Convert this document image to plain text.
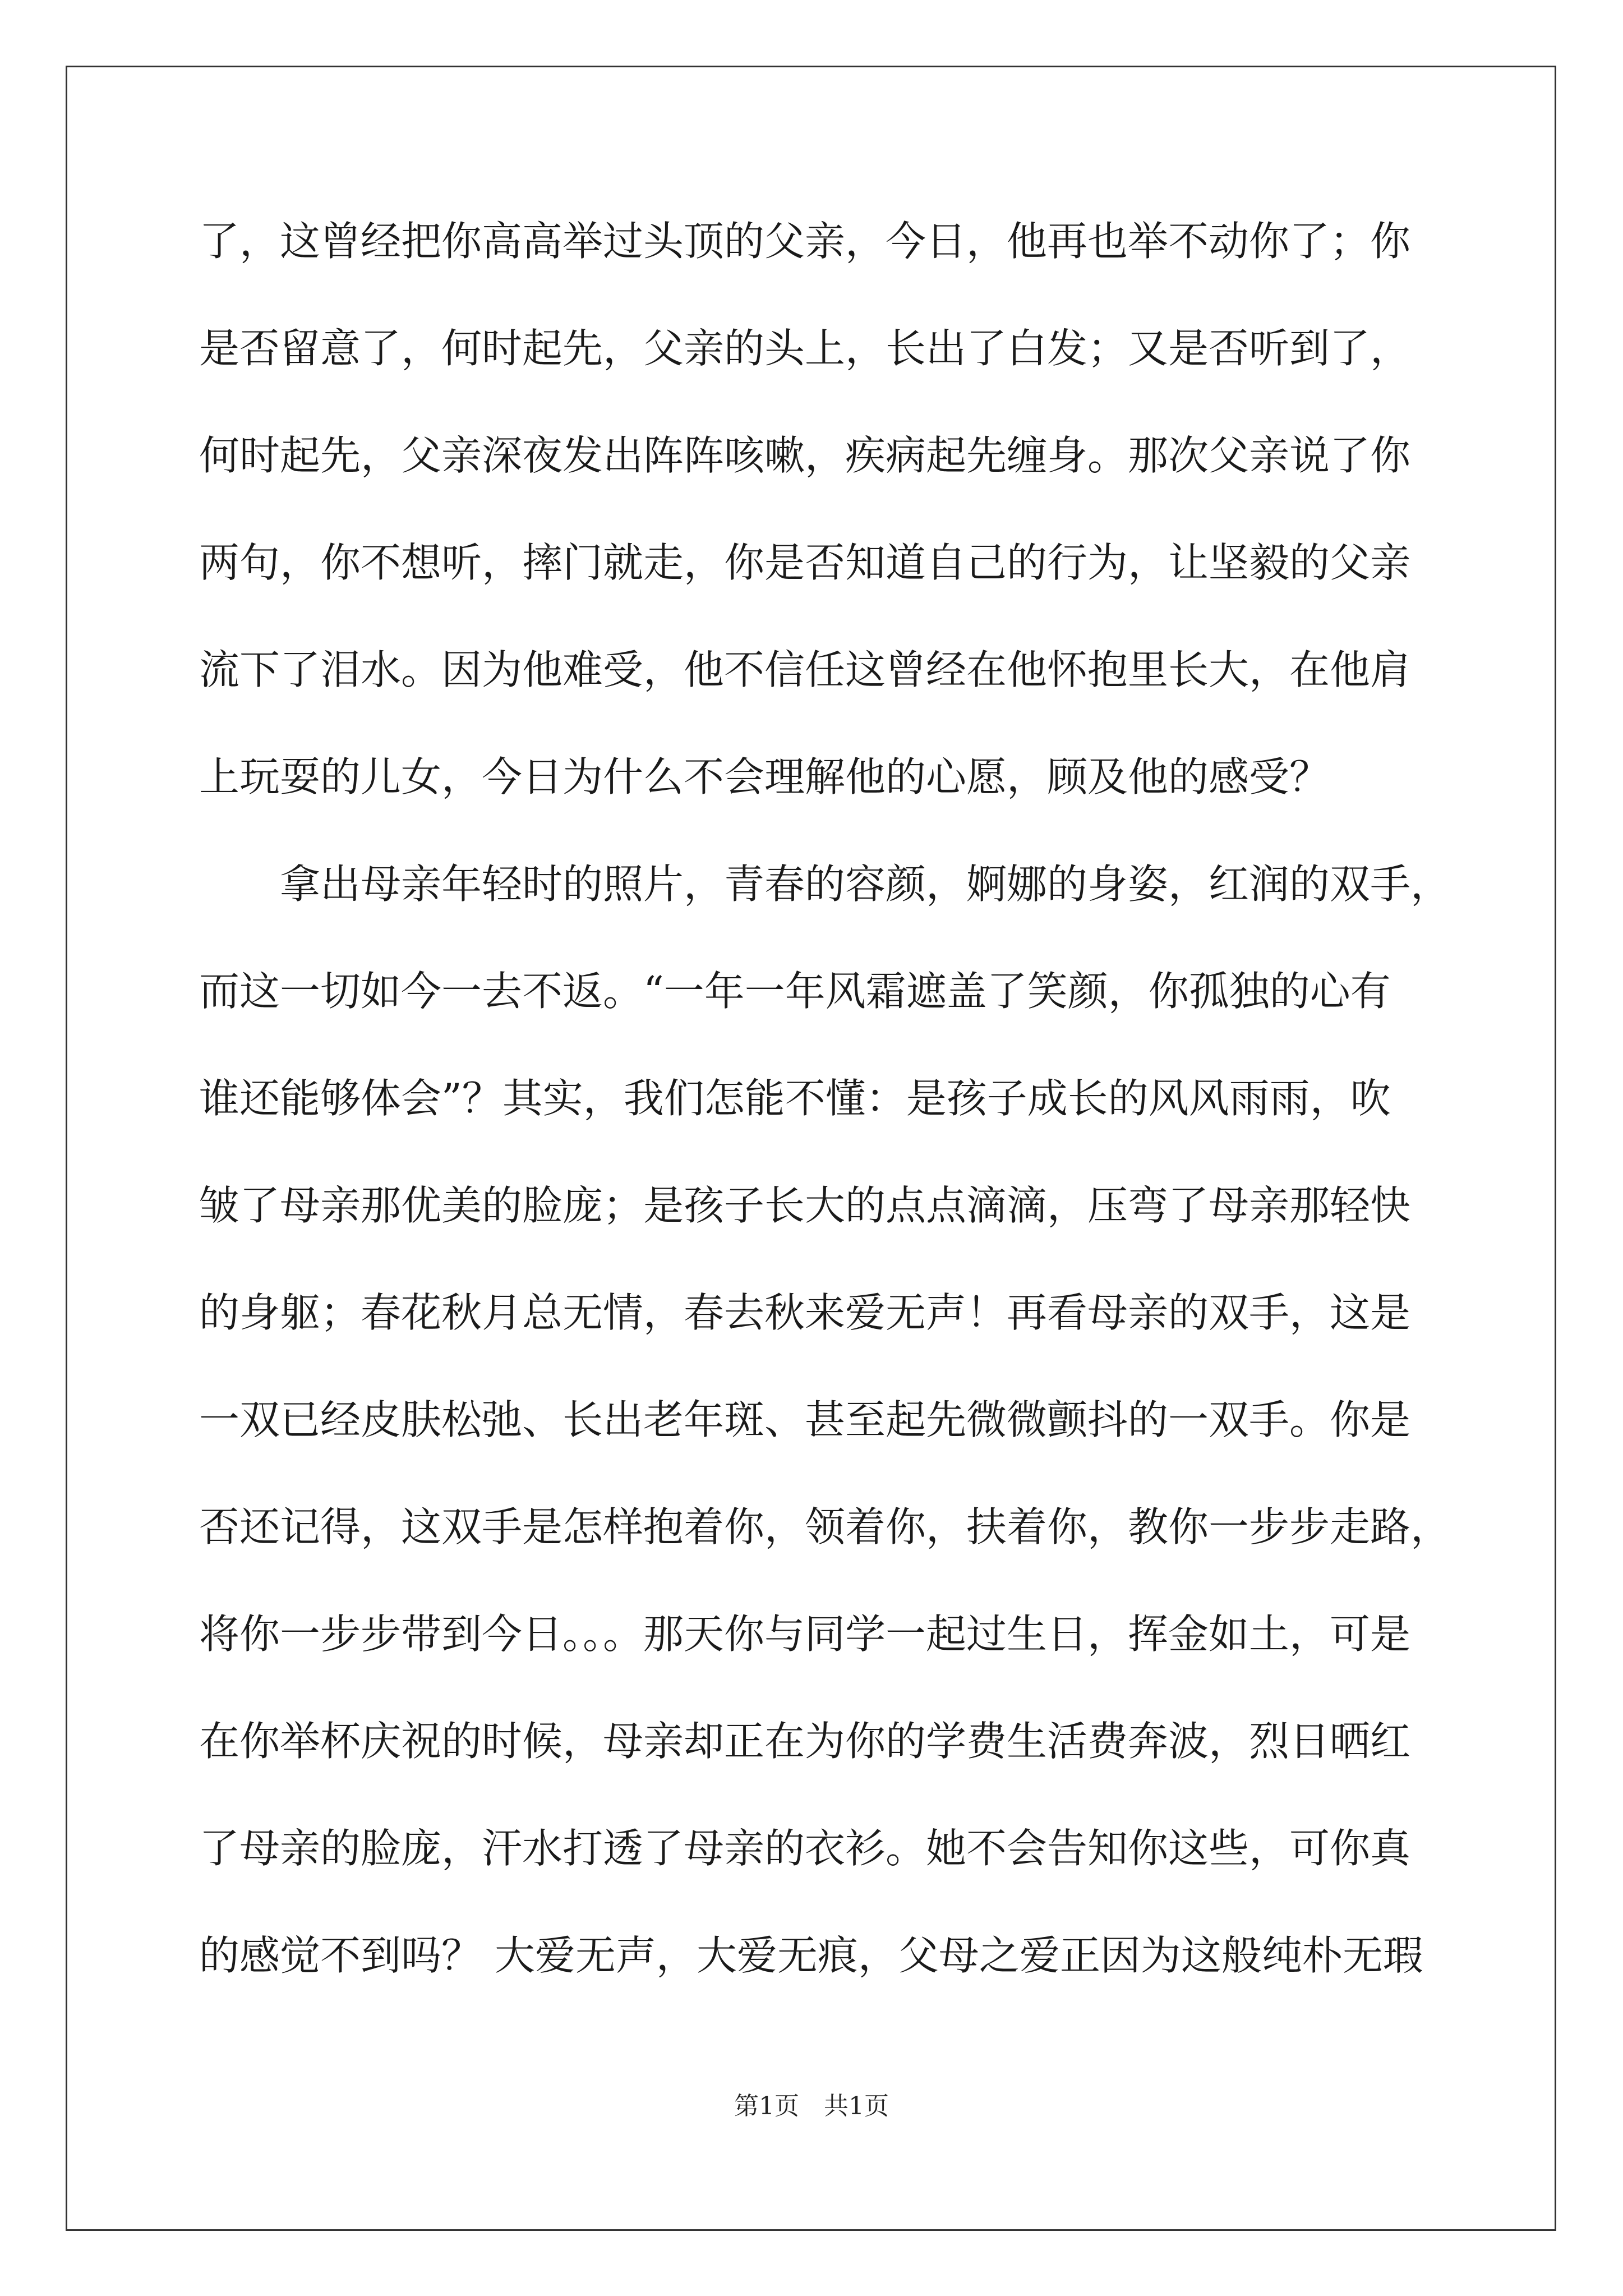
了，这曾经把你高高举过头顶的父亲，今日，他再也举不动你了；你
是否留意了，何时起先，父亲的头上，长出了白发；又是否听到了，
何时起先，父亲深夜发出阵阵咳嗽，疾病起先缠身。那次父亲说了你
两句，你不想听，摔门就走，你是否知道自己的行为，让坚毅的父亲
流下了泪水。因为他难受，他不信任这曾经在他怀抱里长大，在他肩
上玩耍的儿女，今日为什么不会理解他的心愿，顾及他的感受？
　　拿出母亲年轻时的照片，青春的容颜，婀娜的身姿，红润的双手，
而这一切如今一去不返。“一年一年风霜遮盖了笑颜，你孤独的心有
谁还能够体会”？其实，我们怎能不懂：是孩子成长的风风雨雨，吹
皱了母亲那优美的脸庞；是孩子长大的点点滴滴，压弯了母亲那轻快
的身躯；春花秋月总无情，春去秋来爱无声！再看母亲的双手，这是
一双已经皮肤松弛、长出老年斑、甚至起先微微颤抖的一双手。你是
否还记得，这双手是怎样抱着你，领着你，扶着你，教你一步步走路，
将你一步步带到今日。。。那天你与同学一起过生日，挥金如土，可是
在你举杯庆祝的时候，母亲却正在为你的学费生活费奔波，烈日晒红
了母亲的脸庞，汗水打透了母亲的衣衫。她不会告知你这些，可你真
的感觉不到吗？ 大爱无声，大爱无痕，父母之爱正因为这般纯朴无瑕
第1页　共1页
